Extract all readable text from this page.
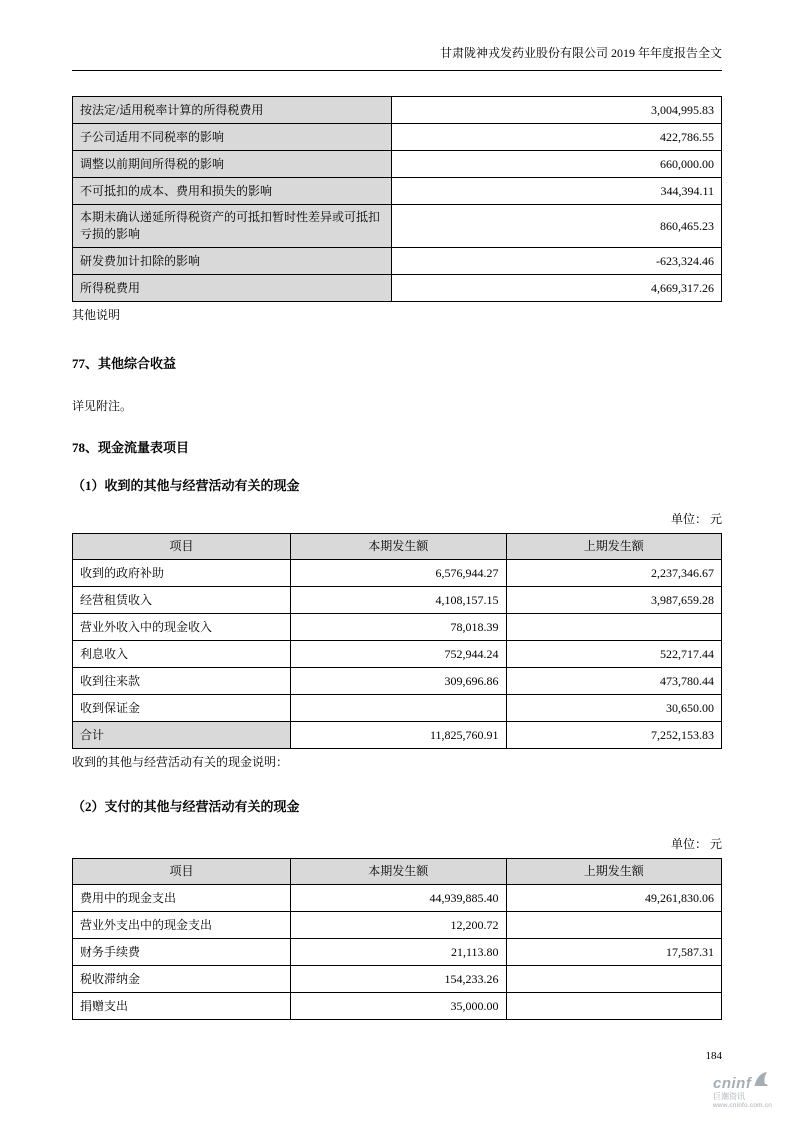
甘肃陇神戎发药业股份有限公司 2019 年年度报告全文
按法定/适用税率计算的所得税费用	3,004,995.83
子公司适用不同税率的影响	422,786.55
调整以前期间所得税的影响	660,000.00
不可抵扣的成本、费用和损失的影响	344,394.11
本期未确认递延所得税资产的可抵扣暂时性差异或可抵扣亏损的影响	860,465.23
研发费加计扣除的影响	-623,324.46
所得税费用	4,669,317.26
其他说明
77、其他综合收益
详见附注。
78、现金流量表项目
（1）收到的其他与经营活动有关的现金
单位： 元
项目	本期发生额	上期发生额
收到的政府补助	6,576,944.27	2,237,346.67
经营租赁收入	4,108,157.15	3,987,659.28
营业外收入中的现金收入	78,018.39	
利息收入	752,944.24	522,717.44
收到往来款	309,696.86	473,780.44
收到保证金		30,650.00
合计	11,825,760.91	7,252,153.83
收到的其他与经营活动有关的现金说明：
（2）支付的其他与经营活动有关的现金
单位： 元
项目	本期发生额	上期发生额
费用中的现金支出	44,939,885.40	49,261,830.06
营业外支出中的现金支出	12,200.72	
财务手续费	21,113.80	17,587.31
税收滞纳金	154,233.26	
捐赠支出	35,000.00	
184
cninf
巨潮资讯
www.cninfo.com.cn
